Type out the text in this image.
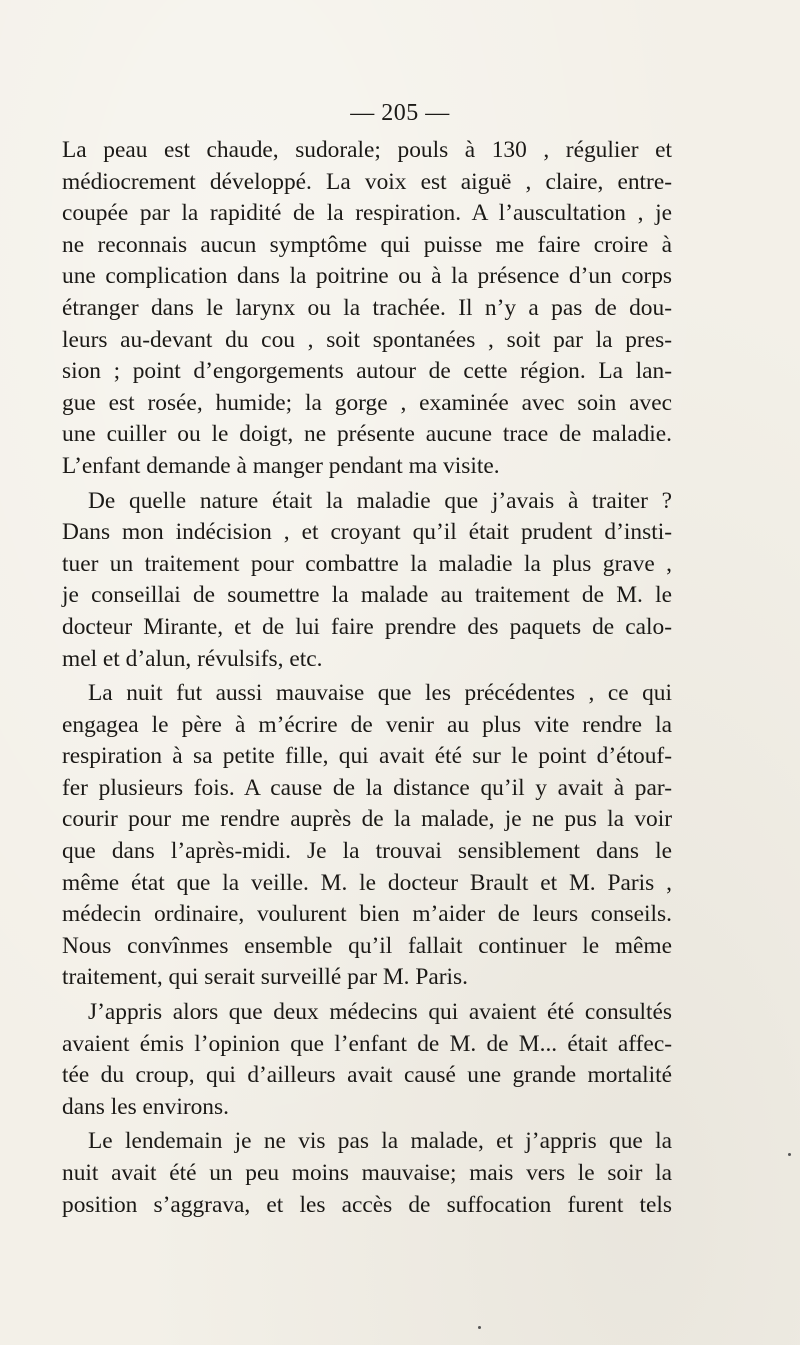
— 205 —
La peau est chaude, sudorale; pouls à 130 , régulier et
médiocrement développé. La voix est aiguë , claire, entre-
coupée par la rapidité de la respiration. A l’auscultation , je
ne reconnais aucun symptôme qui puisse me faire croire à
une complication dans la poitrine ou à la présence d’un corps
étranger dans le larynx ou la trachée. Il n’y a pas de dou-
leurs au-devant du cou , soit spontanées , soit par la pres-
sion ; point d’engorgements autour de cette région. La lan-
gue est rosée, humide; la gorge , examinée avec soin avec
une cuiller ou le doigt, ne présente aucune trace de maladie.
L’enfant demande à manger pendant ma visite.
De quelle nature était la maladie que j’avais à traiter ?
Dans mon indécision , et croyant qu’il était prudent d’insti-
tuer un traitement pour combattre la maladie la plus grave ,
je conseillai de soumettre la malade au traitement de M. le
docteur Mirante, et de lui faire prendre des paquets de calo-
mel et d’alun, révulsifs, etc.
La nuit fut aussi mauvaise que les précédentes , ce qui
engagea le père à m’écrire de venir au plus vite rendre la
respiration à sa petite fille, qui avait été sur le point d’étouf-
fer plusieurs fois. A cause de la distance qu’il y avait à par-
courir pour me rendre auprès de la malade, je ne pus la voir
que dans l’après-midi. Je la trouvai sensiblement dans le
même état que la veille. M. le docteur Brault et M. Paris ,
médecin ordinaire, voulurent bien m’aider de leurs conseils.
Nous convînmes ensemble qu’il fallait continuer le même
traitement, qui serait surveillé par M. Paris.
J’appris alors que deux médecins qui avaient été consultés
avaient émis l’opinion que l’enfant de M. de M... était affec-
tée du croup, qui d’ailleurs avait causé une grande mortalité
dans les environs.
Le lendemain je ne vis pas la malade, et j’appris que la
nuit avait été un peu moins mauvaise; mais vers le soir la
position s’aggrava, et les accès de suffocation furent tels
